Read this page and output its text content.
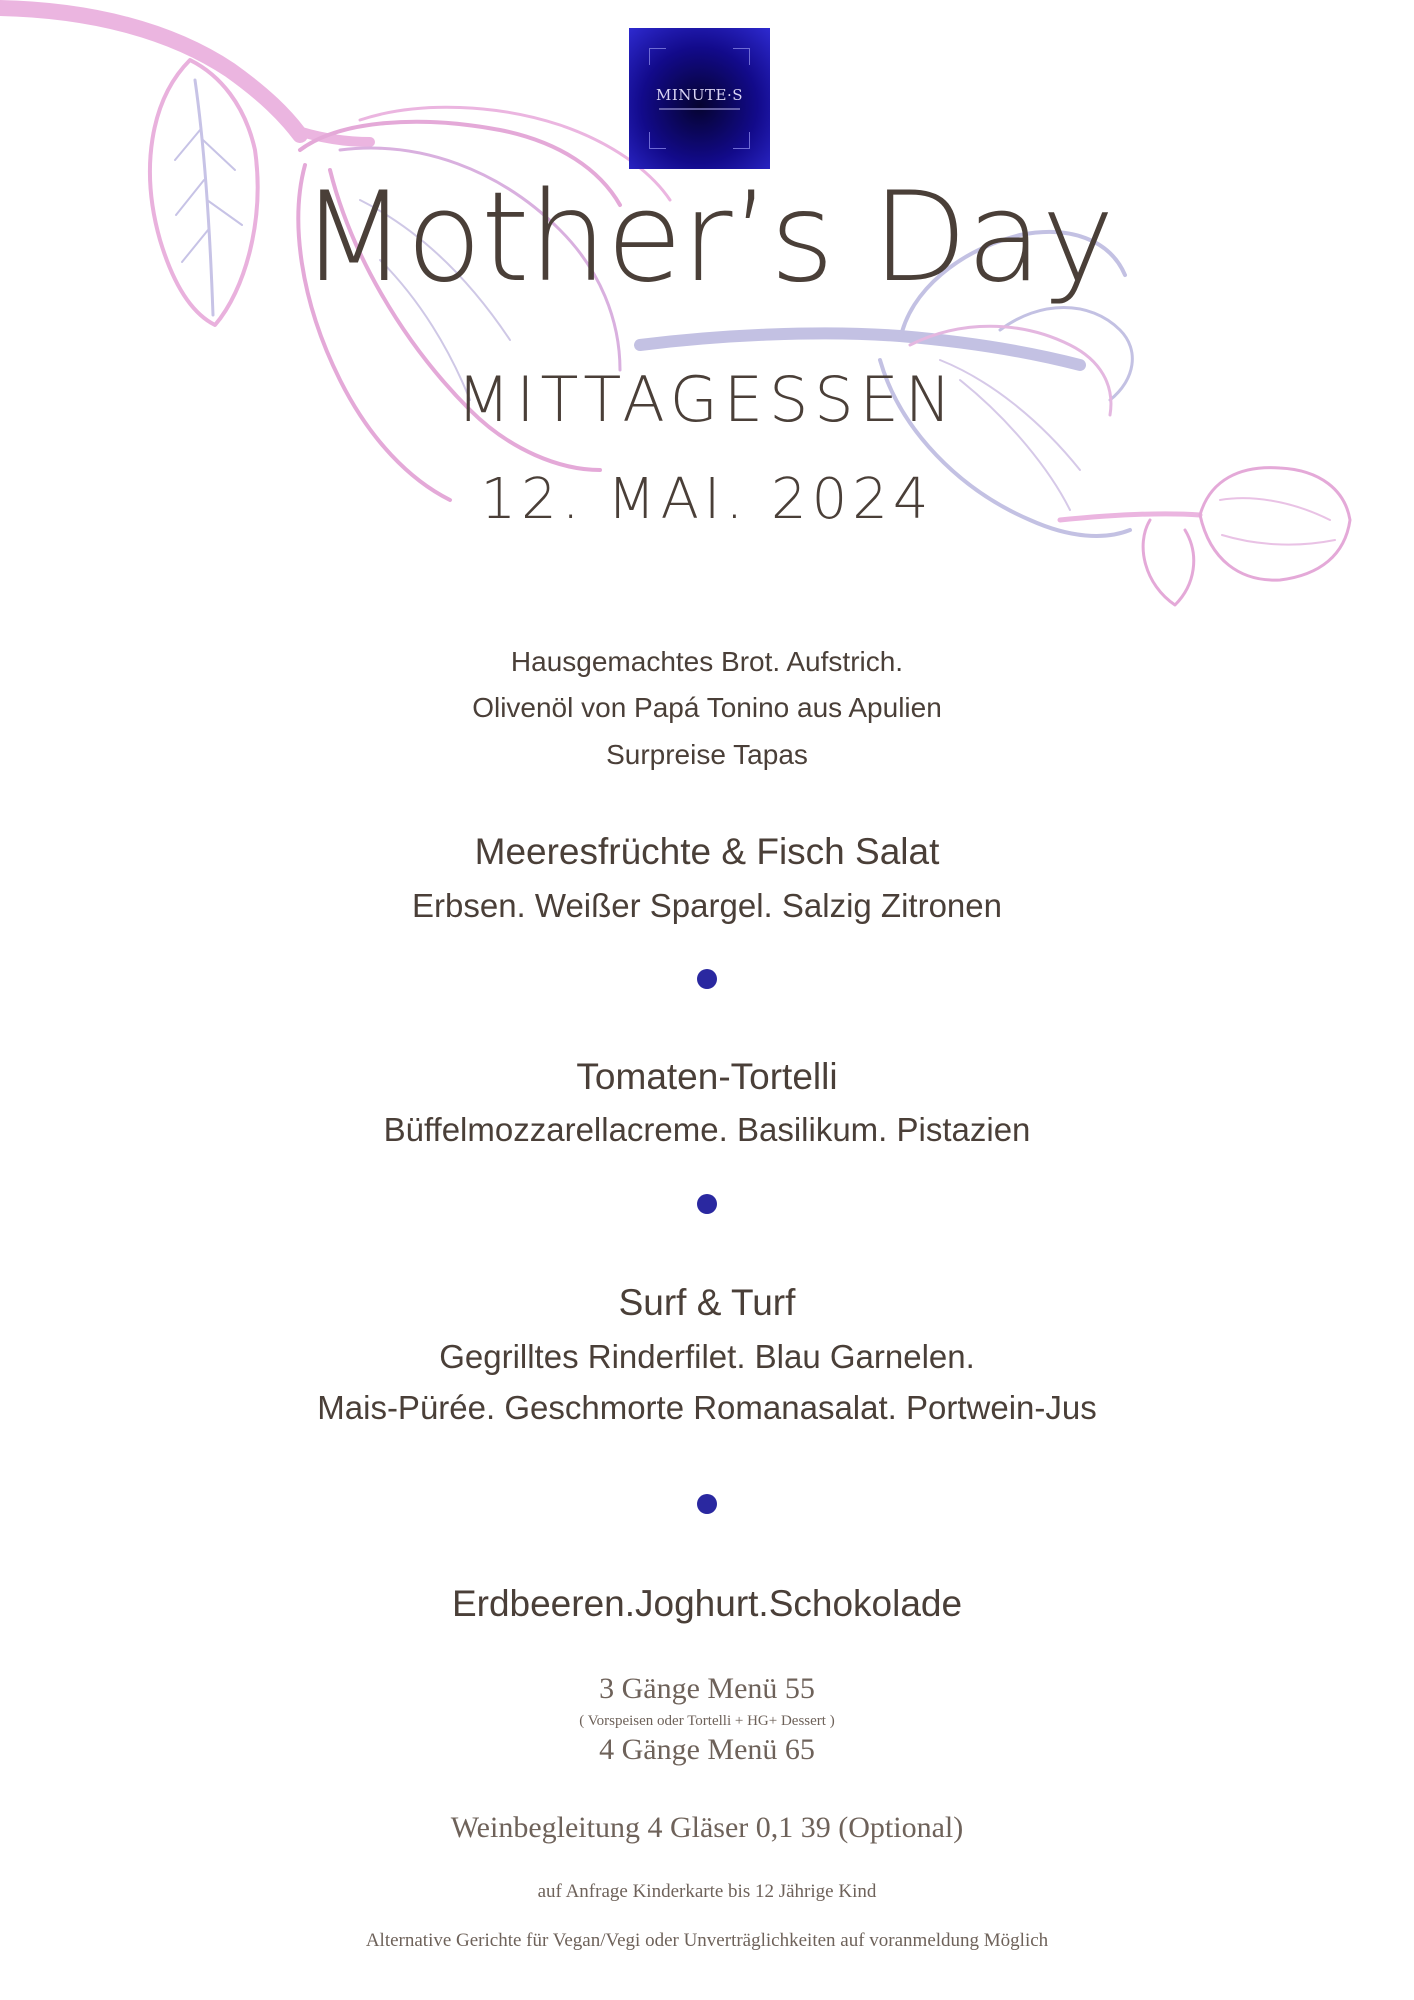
MINUTE·S
Mother’s Day
MITTAGESSEN
12. MAI. 2024
Hausgemachtes Brot. Aufstrich.
Olivenöl von Papá Tonino aus Apulien
Surpreise Tapas
Meeresfrüchte & Fisch Salat
Erbsen. Weißer Spargel. Salzig Zitronen
Tomaten-Tortelli
Büffelmozzarellacreme. Basilikum. Pistazien
Surf & Turf
Gegrilltes Rinderfilet. Blau Garnelen.
Mais-Pürée. Geschmorte Romanasalat. Portwein-Jus
Erdbeeren.Joghurt.Schokolade
3 Gänge Menü 55
( Vorspeisen oder Tortelli + HG+ Dessert )
4 Gänge Menü 65
Weinbegleitung 4 Gläser 0,1 39 (Optional)
auf Anfrage Kinderkarte bis 12 Jährige Kind
Alternative Gerichte für Vegan/Vegi oder Unverträglichkeiten auf voranmeldung Möglich
